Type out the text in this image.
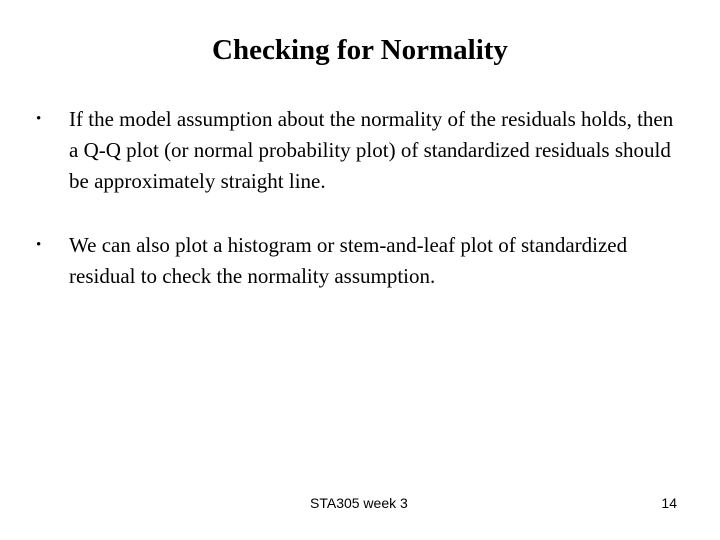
Checking for Normality
• If the model assumption about the normality of the residuals holds, then a Q-Q plot (or normal probability plot) of standardized residuals should be approximately straight line.
• We can also plot a histogram or stem-and-leaf plot of standardized residual to check the normality assumption.
STA305 week 3	14
